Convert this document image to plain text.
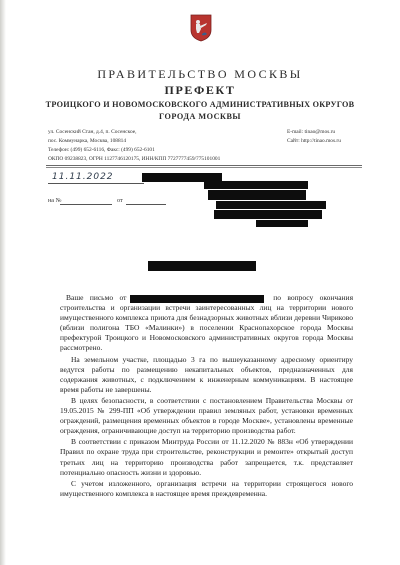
ПРАВИТЕЛЬСТВО МОСКВЫ
ПРЕФЕКТ
ТРОИЦКОГО И НОВОМОСКОВСКОГО АДМИНИСТРАТИВНЫХ ОКРУГОВ
ГОРОДА МОСКВЫ
ул. Сосенский Стан, д.4, п. Сосенское,
пос. Коммунарка, Москва, 108814
Телефон: (499) 652-6116, Факс: (499) 652-6101
ОКПО 09238823, ОГРН 1127746120175, ИНН/КПП 7727777459/775101001
E-mail: tinao@mos.ru
Сайт: http://tinao.mos.ru
11.11.2022
на №	от

Ваше письмо от	по вопросу окончания строительства и организации встречи заинтересованных лиц на территории нового имущественного комплекса приюта для безнадзорных животных вблизи деревни Чириково (вблизи полигона ТБО «Малинки») в поселении Краснопахорское города Москвы префектурой Троицкого и Новомосковского административных округов города Москвы рассмотрено.

На земельном участке, площадью 3 га по вышеуказанному адресному ориентиру ведутся работы по размещению некапитальных объектов, предназначенных для содержания животных, с подключением к инженерным коммуникациям. В настоящее время работы не завершены.

В целях безопасности, в соответствии с постановлением Правительства Москвы от 19.05.2015 № 299-ПП «Об утверждении правил земляных работ, установки временных ограждений, размещения временных объектов в городе Москве», установлены временные ограждения, ограничивающие доступ на территорию производства работ.

В соответствии с приказом Минтруда России от 11.12.2020 № 883н «Об утверждении Правил по охране труда при строительстве, реконструкции и ремонте» открытый доступ третьих лиц на территорию производства работ запрещается, т.к. представляет потенциально опасность жизни и здоровью.

С учетом изложенного, организация встречи на территории строящегося нового имущественного комплекса в настоящее время преждевременна.
